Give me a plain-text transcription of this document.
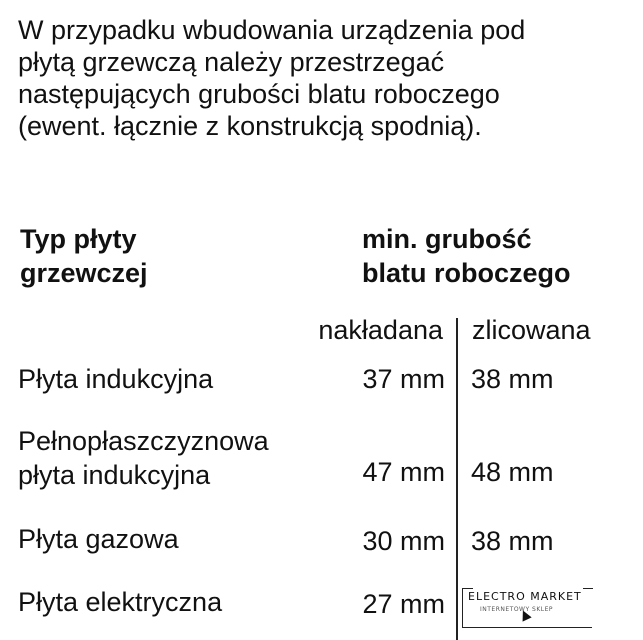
W przypadku wbudowania urządzenia pod
płytą grzewczą należy przestrzegać
następujących grubości blatu roboczego
(ewent. łącznie z konstrukcją spodnią).
Typ płyty
grzewczej
min. grubość
blatu roboczego
nakładana zlicowana
Płyta indukcyjna	37 mm 38 mm
Pełnopłaszczyznowa
płyta indukcyjna	47 mm 48 mm
Płyta gazowa	30 mm 38 mm
Płyta elektryczna	27 mm ELECTRO MARKET
INTERNETOWY SKLEP
